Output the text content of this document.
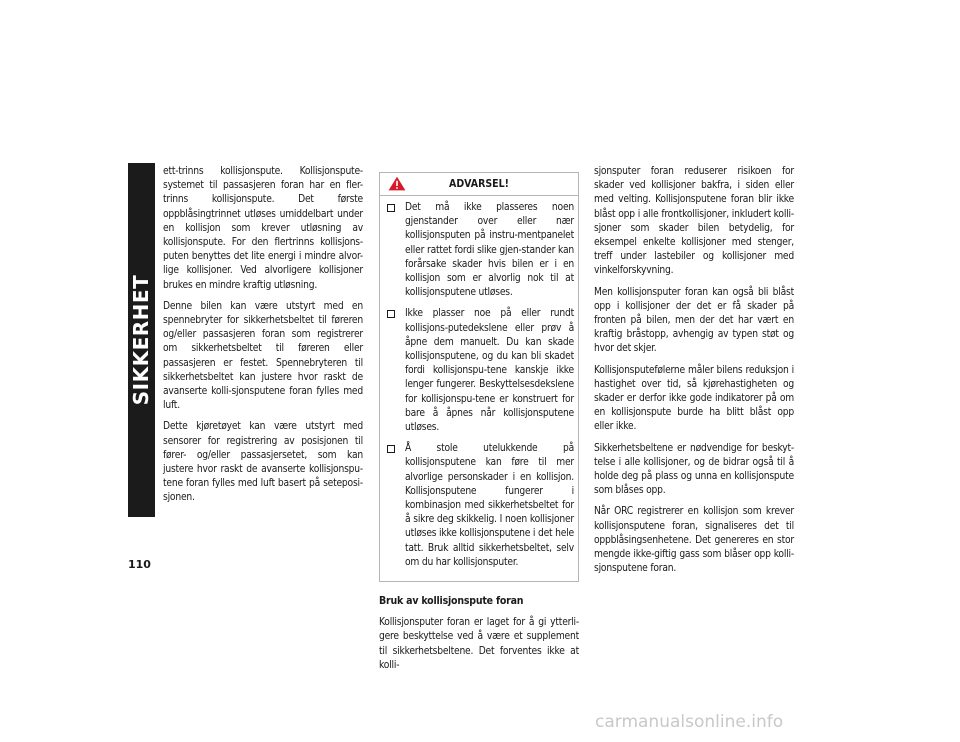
SIKKERHET
110

ett-trinns kollisjonspute. Kollisjonspute-systemet til passasjeren foran har en fler-trinns kollisjonspute. Det første oppblåsingtrinnet utløses umiddelbart under en kollisjon som krever utløsning av kollisjonspute. For den flertrinns kollisjons-puten benyttes det lite energi i mindre alvor-lige kollisjoner. Ved alvorligere kollisjoner brukes en mindre kraftig utløsning.

Denne bilen kan være utstyrt med en spennebryter for sikkerhetsbeltet til føreren og/eller passasjeren foran som registrerer om sikkerhetsbeltet til føreren eller passasjeren er festet. Spennebryteren til sikkerhetsbeltet kan justere hvor raskt de avanserte kolli-sjonsputene foran fylles med luft.

Dette kjøretøyet kan være utstyrt med sensorer for registrering av posisjonen til fører- og/eller passasjersetet, som kan justere hvor raskt de avanserte kollisjonspu-tene foran fylles med luft basert på seteposi-sjonen.

ADVARSEL!
Det må ikke plasseres noen gjenstander over eller nær kollisjonsputen på instru-mentpanelet eller rattet fordi slike gjen-stander kan forårsake skader hvis bilen er i en kollisjon som er alvorlig nok til at kollisjonsputene utløses.
Ikke plasser noe på eller rundt kollisjons-putedekslene eller prøv å åpne dem manuelt. Du kan skade kollisjonsputene, og du kan bli skadet fordi kollisjonspu-tene kanskje ikke lenger fungerer. Beskyttelsesdekslene for kollisjonspu-tene er konstruert for bare å åpnes når kollisjonsputene utløses.
Å stole utelukkende på kollisjonsputene kan føre til mer alvorlige personskader i en kollisjon. Kollisjonsputene fungerer i kombinasjon med sikkerhetsbeltet for å sikre deg skikkelig. I noen kollisjoner utløses ikke kollisjonsputene i det hele tatt. Bruk alltid sikkerhetsbeltet, selv om du har kollisjonsputer.
Bruk av kollisjonspute foran

Kollisjonsputer foran er laget for å gi ytterli-gere beskyttelse ved å være et supplement til sikkerhetsbeltene. Det forventes ikke at kolli-

sjonsputer foran reduserer risikoen for skader ved kollisjoner bakfra, i siden eller med velting. Kollisjonsputene foran blir ikke blåst opp i alle frontkollisjoner, inkludert kolli-sjoner som skader bilen betydelig, for eksempel enkelte kollisjoner med stenger, treff under lastebiler og kollisjoner med vinkelforskyvning.

Men kollisjonsputer foran kan også bli blåst opp i kollisjoner der det er få skader på fronten på bilen, men der det har vært en kraftig bråstopp, avhengig av typen støt og hvor det skjer.

Kollisjonsputefølerne måler bilens reduksjon i hastighet over tid, så kjørehastigheten og skader er derfor ikke gode indikatorer på om en kollisjonspute burde ha blitt blåst opp eller ikke.

Sikkerhetsbeltene er nødvendige for beskyt-telse i alle kollisjoner, og de bidrar også til å holde deg på plass og unna en kollisjonspute som blåses opp.

Når ORC registrerer en kollisjon som krever kollisjonsputene foran, signaliseres det til oppblåsingsenhetene. Det genereres en stor mengde ikke-giftig gass som blåser opp kolli-sjonsputene foran.

carmanualsonline.info
